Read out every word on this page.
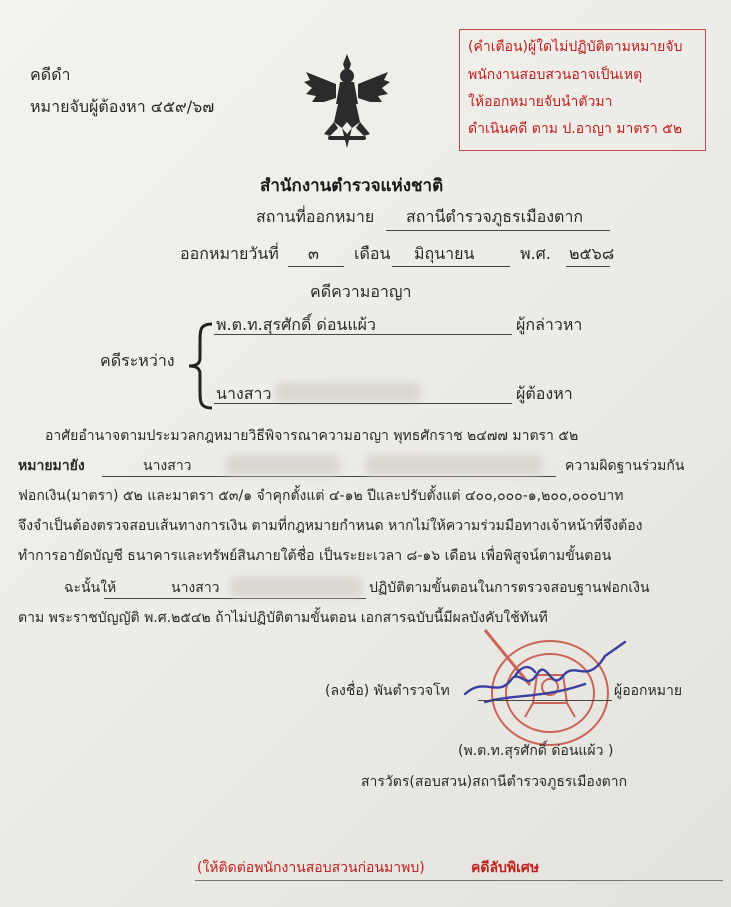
คดีดำ
หมายจับผู้ต้องหา ๔๕๙/๖๗
(คำเตือน)ผู้ใดไม่ปฏิบัติตามหมายจับ
พนักงานสอบสวนอาจเป็นเหตุ
ให้ออกหมายจับนำตัวมา
ดำเนินคดี ตาม ป.อาญา มาตรา ๕๒
สำนักงานตำรวจแห่งชาติ
สถานที่ออกหมาย สถานีตำรวจภูธรเมืองตาก
ออกหมายวันที่ ๓ เดือน มิถุนายน	พ.ศ. ๒๕๖๘
คดีความอาญา
คดีระหว่าง
พ.ต.ท.สุรศักดิ์ ด่อนแผ้ว	ผู้กล่าวหา
นางสาว	ผู้ต้องหา
อาศัยอำนาจตามประมวลกฎหมายวิธีพิจารณาความอาญา พุทธศักราช ๒๔๗๗ มาตรา ๕๒
หมายมายัง	นางสาว	ความผิดฐานร่วมกัน
ฟอกเงิน(มาตรา) ๕๒ และมาตรา ๕๓/๑ จำคุกตั้งแต่ ๔-๑๒ ปีและปรับตั้งแต่ ๔๐๐,๐๐๐-๑,๒๐๐,๐๐๐บาท
จึงจำเป็นต้องตรวจสอบเส้นทางการเงิน ตามที่กฎหมายกำหนด หากไม่ให้ความร่วมมือทางเจ้าหน้าที่จึงต้อง
ทำการอายัดบัญชี ธนาคารและทรัพย์สินภายใต้ชื่อ เป็นระยะเวลา ๘-๑๖ เดือน เพื่อพิสูจน์ตามขั้นตอน
ฉะนั้นให้	นางสาว	ปฏิบัติตามขั้นตอนในการตรวจสอบฐานฟอกเงิน
ตาม พระราชบัญญัติ พ.ศ.๒๕๔๒ ถ้าไม่ปฏิบัติตามขั้นตอน เอกสารฉบับนี้มีผลบังคับใช้ทันที
(ลงชื่อ) พันตำรวจโท	ผู้ออกหมาย
(พ.ต.ท.สุรศักดิ์ ด่อนแผ้ว )
สารวัตร(สอบสวน)สถานีตำรวจภูธรเมืองตาก
(ให้ติดต่อพนักงานสอบสวนก่อนมาพบ)	คดีลับพิเศษ
